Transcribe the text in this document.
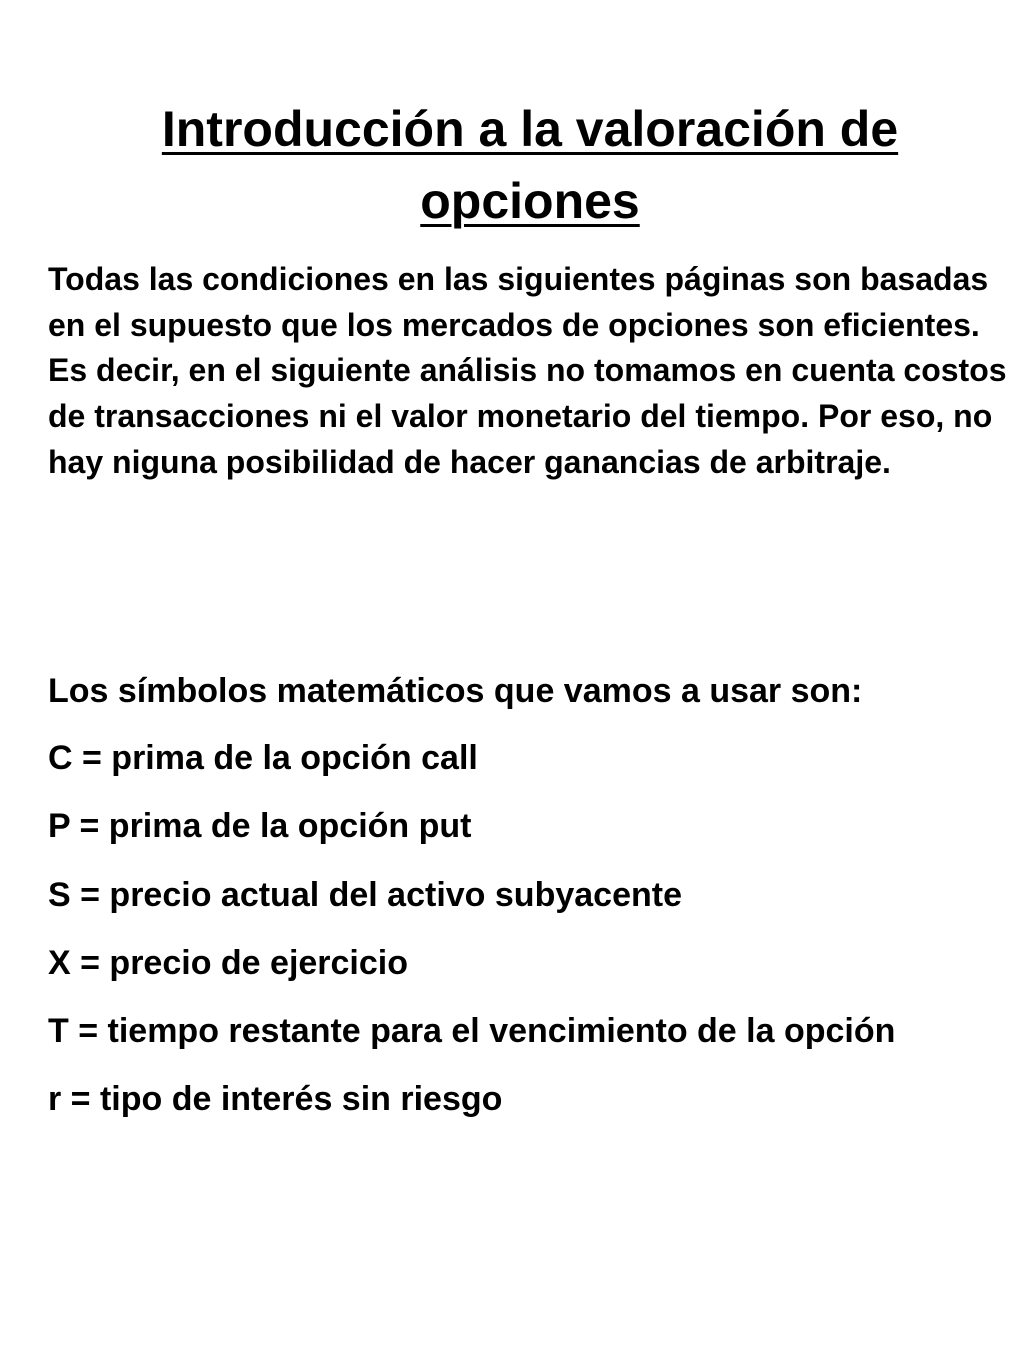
Introducción a la valoración de
opciones

Todas las condiciones en las siguientes páginas son basadas en el supuesto que los mercados de opciones son eficientes. Es decir, en el siguiente análisis no tomamos en cuenta costos de transacciones ni el valor monetario del tiempo. Por eso, no hay niguna posibilidad de hacer ganancias de arbitraje.

Los símbolos matemáticos que vamos a usar son:

C = prima de la opción call
P = prima de la opción put
S = precio actual del activo subyacente
X = precio de ejercicio
T = tiempo restante para el vencimiento de la opción
r = tipo de interés sin riesgo
